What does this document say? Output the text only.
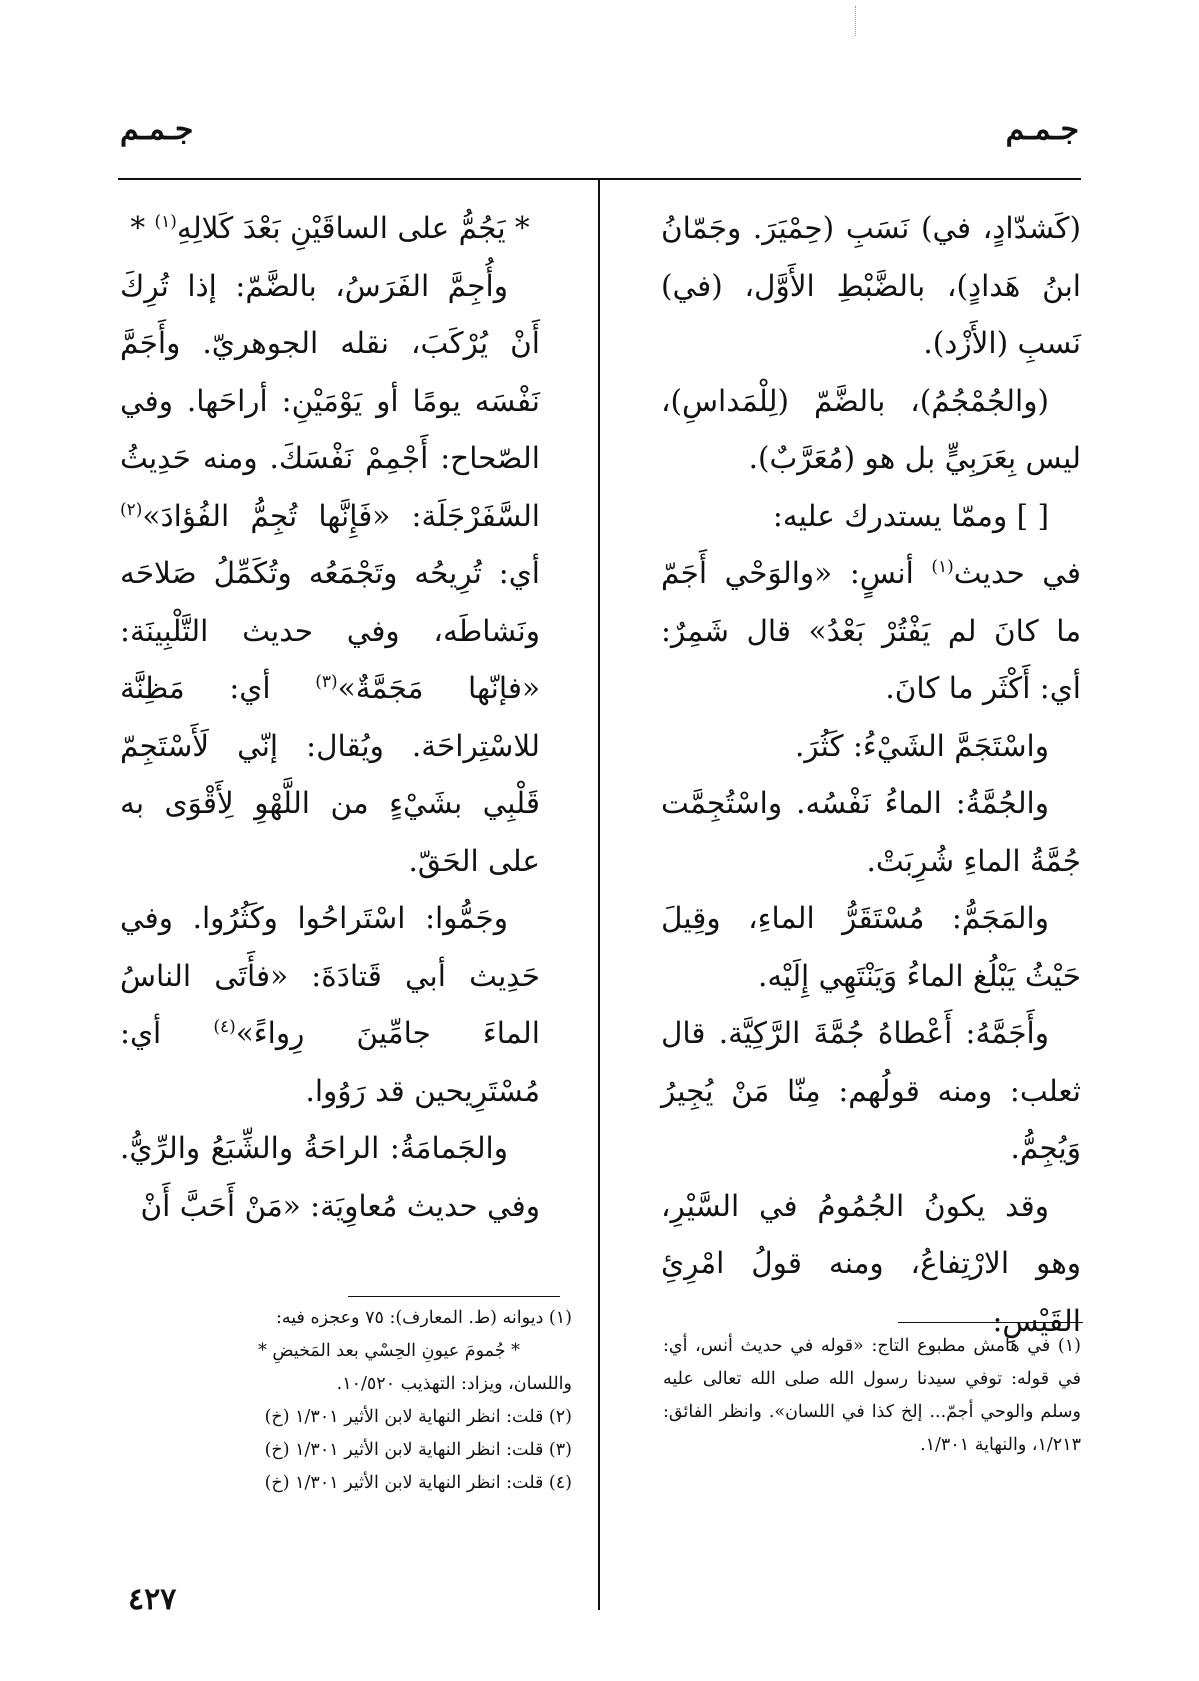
جـمـم
جـمـم

(كَشدّادٍ، في) نَسَبِ (حِمْيَرَ. وجَمّانُ ابنُ هَدادٍ)، بالضَّبْطِ الأَوَّل، (في) نَسبِ (الأَزْد).

(والجُمْجُمُ)، بالضَّمّ (لِلْمَداسِ)، ليس بِعَرَبِيٍّ بل هو (مُعَرَّبٌ).

[ ] وممّا يستدرك عليه:

في حديث$^{(١)}$ أنسٍ: «والوَحْي أَجَمّ ما كانَ لم يَفْتُرْ بَعْدُ» قال شَمِرٌ: أي: أَكْثَر ما كانَ.

واسْتَجَمَّ الشَيْءُ: كَثُرَ.

والجُمَّةُ: الماءُ نَفْسُه. واسْتُجِمَّت جُمَّةُ الماءِ شُرِبَتْ.

والمَجَمُّ: مُسْتَقَرُّ الماءِ، وقِيلَ حَيْثُ يَبْلُغ الماءُ وَيَنْتَهِي إِلَيْه.

وأَجَمَّهُ: أَعْطاهُ جُمَّةَ الرَّكِيَّة. قال ثعلب: ومنه قولُهم: مِنّا مَنْ يُجِيرُ وَيُجِمُّ.

وقد يكونُ الجُمُومُ في السَّيْرِ، وهو الارْتِفاعُ، ومنه قولُ امْرِئِ القَيْسِ:

* يَجُمُّ على الساقَيْنِ بَعْدَ كَلالِهِ$^{(١)}$ *

وأُجِمَّ الفَرَسُ، بالضَّمّ: إذا تُرِكَ أَنْ يُرْكَبَ، نقله الجوهريّ. وأَجَمَّ نَفْسَه يومًا أو يَوْمَيْنِ: أراحَها. وفي الصّحاح: أَجْمِمْ نَفْسَكَ. ومنه حَدِيثُ السَّفَرْجَلَة: «فَإِنَّها تُجِمُّ الفُؤادَ»$^{(٢)}$ أي: تُرِيحُه وتَجْمَعُه وتُكَمِّلُ صَلاحَه ونَشاطَه، وفي حديث التَّلْبِينَة: «فإنّها مَجَمَّةٌ»$^{(٣)}$ أي: مَظِنَّة للاسْتِراحَة. ويُقال: إنّي لَأَسْتَجِمّ قَلْبِي بشَيْءٍ من اللَّهْوِ لِأَقْوَى به على الحَقّ.

وجَمُّوا: اسْتَراحُوا وكَثُرُوا. وفي حَدِيث أبي قَتادَةَ: «فأَتَى الناسُ الماءَ جامِّينَ رِواءً»$^{(٤)}$ أي: مُسْتَرِيحين قد رَوُوا.

والجَمامَةُ: الراحَةُ والشِّبَعُ والرِّيُّ. وفي حديث مُعاوِيَة: «مَنْ أَحَبَّ أَنْ

(١) ديوانه (ط. المعارف): ٧٥ وعجزه فيه:

* جُمومَ عيونِ الحِسْي بعد المَخيضِ *

واللسان، ويزاد: التهذيب ١٠/٥٢٠.

(٢) قلت: انظر النهاية لابن الأثير ١/٣٠١ (خ)

(٣) قلت: انظر النهاية لابن الأثير ١/٣٠١ (خ)

(٤) قلت: انظر النهاية لابن الأثير ١/٣٠١ (خ)

(١) في هامش مطبوع التاج: «قوله في حديث أنس، أي: في قوله: توفي سيدنا رسول الله صلى الله تعالى عليه وسلم والوحي أجمّ... إلخ كذا في اللسان». وانظر الفائق: ١/٢١٣، والنهاية ١/٣٠١.

٤٢٧
